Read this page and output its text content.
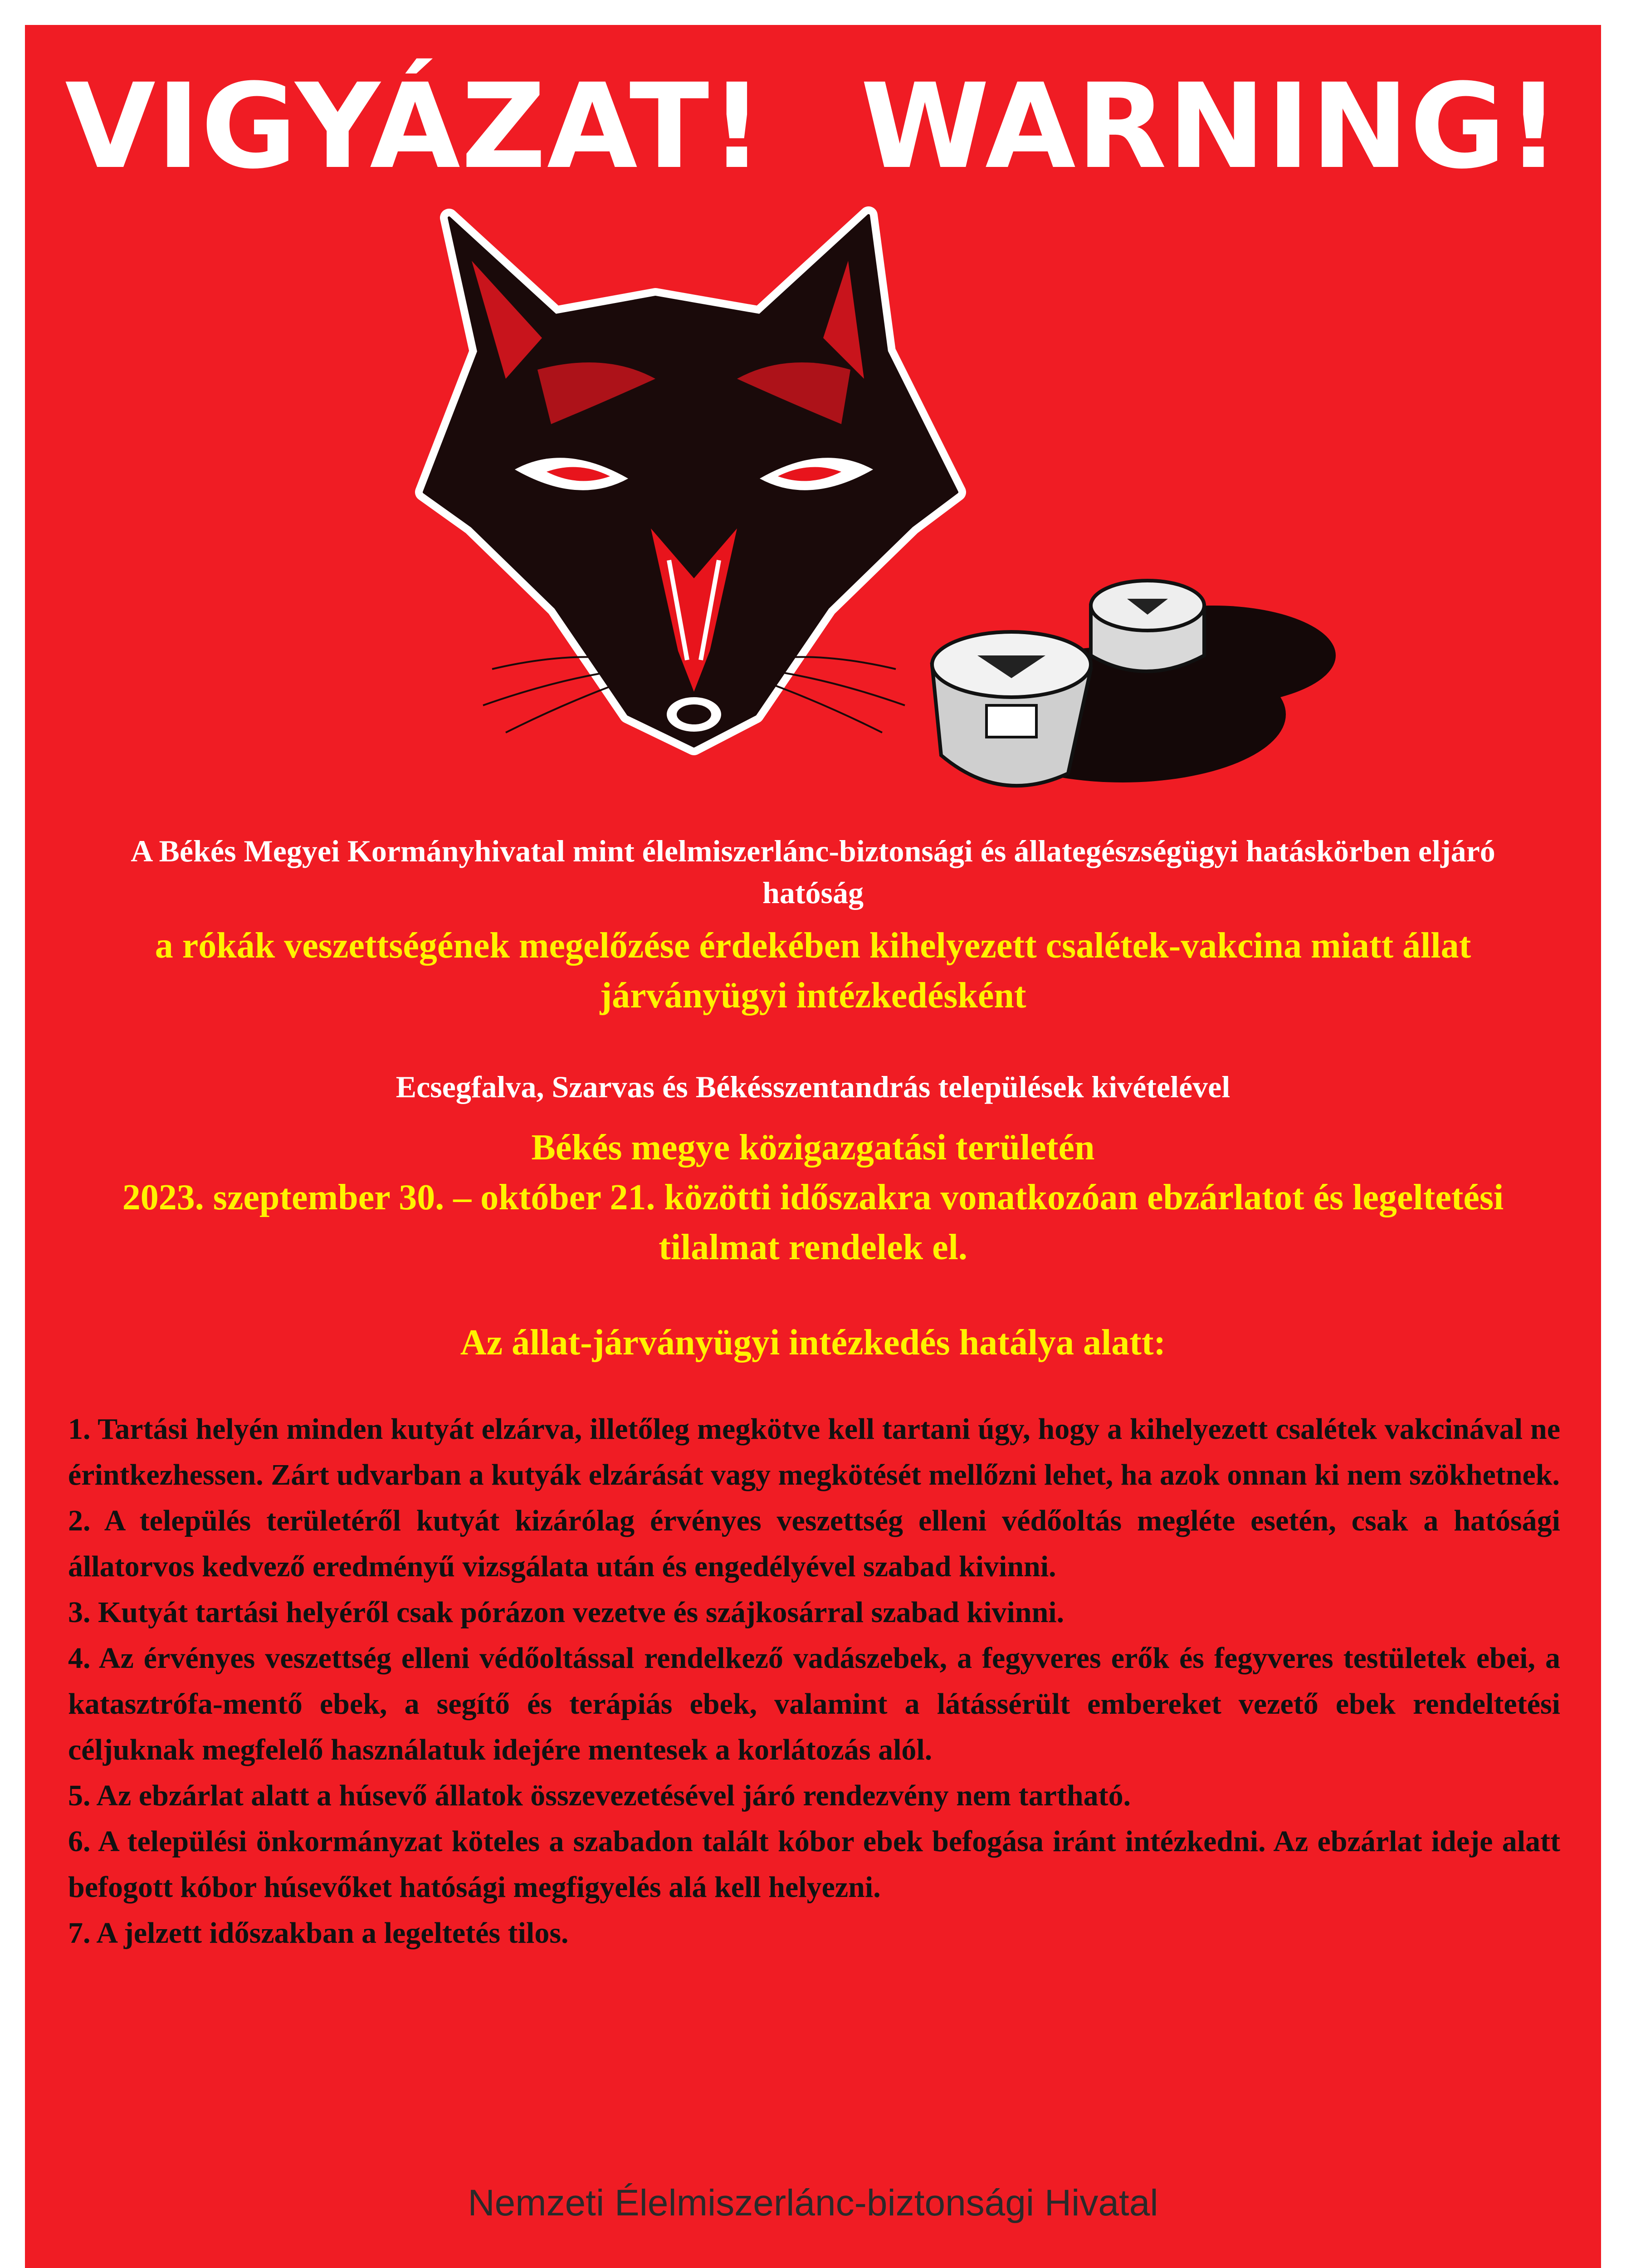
VIGYÁZAT! WARNING!
A Békés Megyei Kormányhivatal mint élelmiszerlánc-biztonsági és állategészségügyi hatáskörben eljáró hatóság
a rókák veszettségének megelőzése érdekében kihelyezett csalétek-vakcina miatt állat járványügyi intézkedésként
Ecsegfalva, Szarvas és Békésszentandrás települések kivételével
Békés megye közigazgatási területén
2023. szeptember 30. – október 21. közötti időszakra vonatkozóan ebzárlatot és legeltetési tilalmat rendelek el.
Az állat-járványügyi intézkedés hatálya alatt:

1. Tartási helyén minden kutyát elzárva, illetőleg megkötve kell tartani úgy, hogy a kihelyezett csalétek vakcinával ne érintkezhessen. Zárt udvarban a kutyák elzárását vagy megkötését mellőzni lehet, ha azok onnan ki nem szökhetnek.

2. A település területéről kutyát kizárólag érvényes veszettség elleni védőoltás megléte esetén, csak a hatósági állatorvos kedvező eredményű vizsgálata után és engedélyével szabad kivinni.

3. Kutyát tartási helyéről csak pórázon vezetve és szájkosárral szabad kivinni.

4. Az érvényes veszettség elleni védőoltással rendelkező vadászebek, a fegyveres erők és fegyveres testületek ebei, a katasztrófa-mentő ebek, a segítő és terápiás ebek, valamint a látássérült embereket vezető ebek rendeltetési céljuknak megfelelő használatuk idejére mentesek a korlátozás alól.

5. Az ebzárlat alatt a húsevő állatok összevezetésével járó rendezvény nem tartható.

6. A települési önkormányzat köteles a szabadon talált kóbor ebek befogása iránt intézkedni. Az ebzárlat ideje alatt befogott kóbor húsevőket hatósági megfigyelés alá kell helyezni.

7. A jelzett időszakban a legeltetés tilos.

Nemzeti Élelmiszerlánc-biztonsági Hivatal
